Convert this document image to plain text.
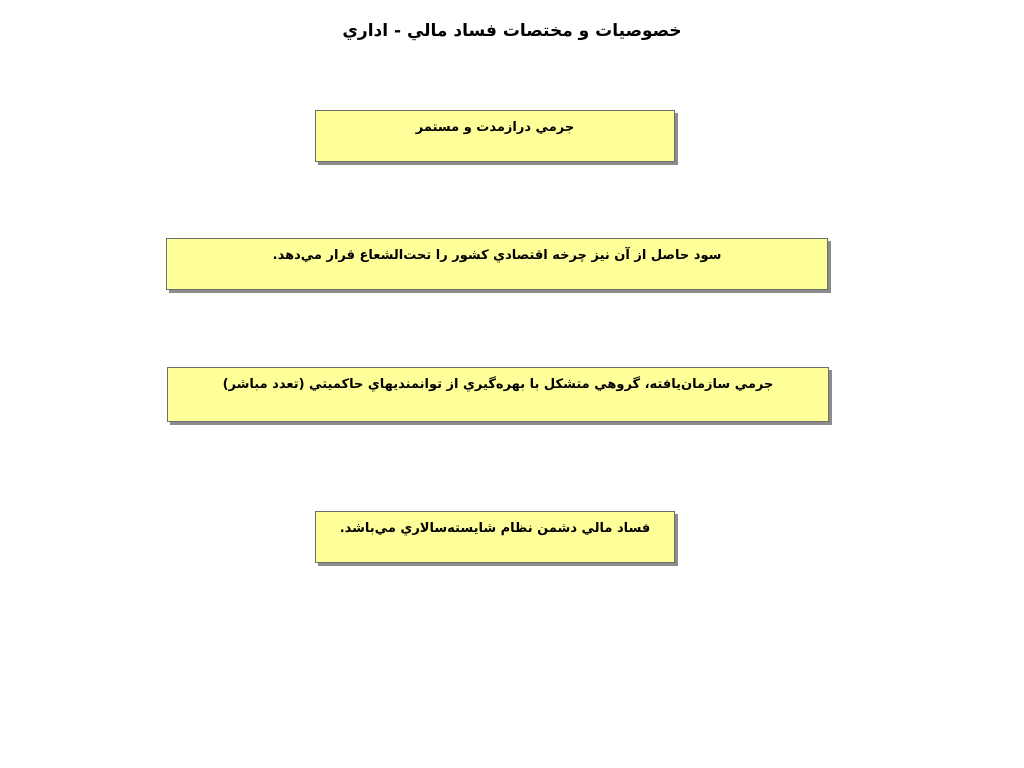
خصوصيات و مختصات فساد مالي - اداري
جرمي درازمدت و مستمر
سود حاصل از آن نيز چرخه اقتصادي كشور را تحت‌الشعاع قرار مي‌دهد.
جرمي سازمان‌يافته، گروهي متشكل با بهره‌گيري از توانمنديهاي حاكميتي (تعدد مباشر)
فساد مالي دشمن نظام شايسته‌سالاري مي‌باشد.
